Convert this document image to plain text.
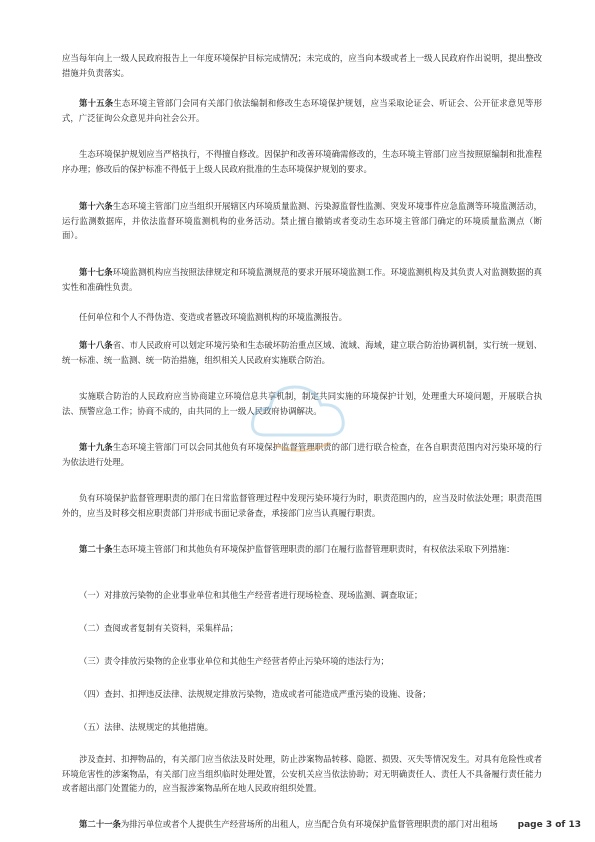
应当每年向上一级人民政府报告上一年度环境保护目标完成情况；未完成的，应当向本级或者上一级人民政府作出说明，提出整改措施并负责落实。

第十五条生态环境主管部门会同有关部门依法编制和修改生态环境保护规划，应当采取论证会、听证会、公开征求意见等形式，广泛征询公众意见并向社会公开。

生态环境保护规划应当严格执行，不得擅自修改。因保护和改善环境确需修改的，生态环境主管部门应当按照原编制和批准程序办理；修改后的保护标准不得低于上级人民政府批准的生态环境保护规划的要求。

第十六条生态环境主管部门应当组织开展辖区内环境质量监测、污染源监督性监测、突发环境事件应急监测等环境监测活动，运行监测数据库，并依法监督环境监测机构的业务活动。禁止擅自撤销或者变动生态环境主管部门确定的环境质量监测点（断面）。

第十七条环境监测机构应当按照法律规定和环境监测规范的要求开展环境监测工作。环境监测机构及其负责人对监测数据的真实性和准确性负责。

任何单位和个人不得伪造、变造或者篡改环境监测机构的环境监测报告。

第十八条省、市人民政府可以划定环境污染和生态破坏防治重点区域、流域、海域，建立联合防治协调机制，实行统一规划、统一标准、统一监测、统一防治措施，组织相关人民政府实施联合防治。

实施联合防治的人民政府应当协商建立环境信息共享机制，制定共同实施的环境保护计划，处理重大环境问题，开展联合执法、预警应急工作；协商不成的，由共同的上一级人民政府协调解决。

第十九条生态环境主管部门可以会同其他负有环境保护监督管理职责的部门进行联合检查，在各自职责范围内对污染环境的行为依法进行处理。

负有环境保护监督管理职责的部门在日常监督管理过程中发现污染环境行为时，职责范围内的，应当及时依法处理；职责范围外的，应当及时移交相应职责部门并形成书面记录备查，承接部门应当认真履行职责。

第二十条生态环境主管部门和其他负有环境保护监督管理职责的部门在履行监督管理职责时，有权依法采取下列措施：

（一）对排放污染物的企业事业单位和其他生产经营者进行现场检查、现场监测、调查取证；

（二）查阅或者复制有关资料，采集样品；

（三）责令排放污染物的企业事业单位和其他生产经营者停止污染环境的违法行为；

（四）查封、扣押违反法律、法规规定排放污染物，造成或者可能造成严重污染的设施、设备；

（五）法律、法规规定的其他措施。

涉及查封、扣押物品的，有关部门应当依法及时处理，防止涉案物品转移、隐匿、损毁、灭失等情况发生。对具有危险性或者环境危害性的涉案物品，有关部门应当组织临时处理处置，公安机关应当依法协助；对无明确责任人、责任人不具备履行责任能力或者超出部门处置能力的，应当报涉案物品所在地人民政府组织处置。

第二十一条为排污单位或者个人提供生产经营场所的出租人，应当配合负有环境保护监督管理职责的部门对出租场	page 3 of 13
